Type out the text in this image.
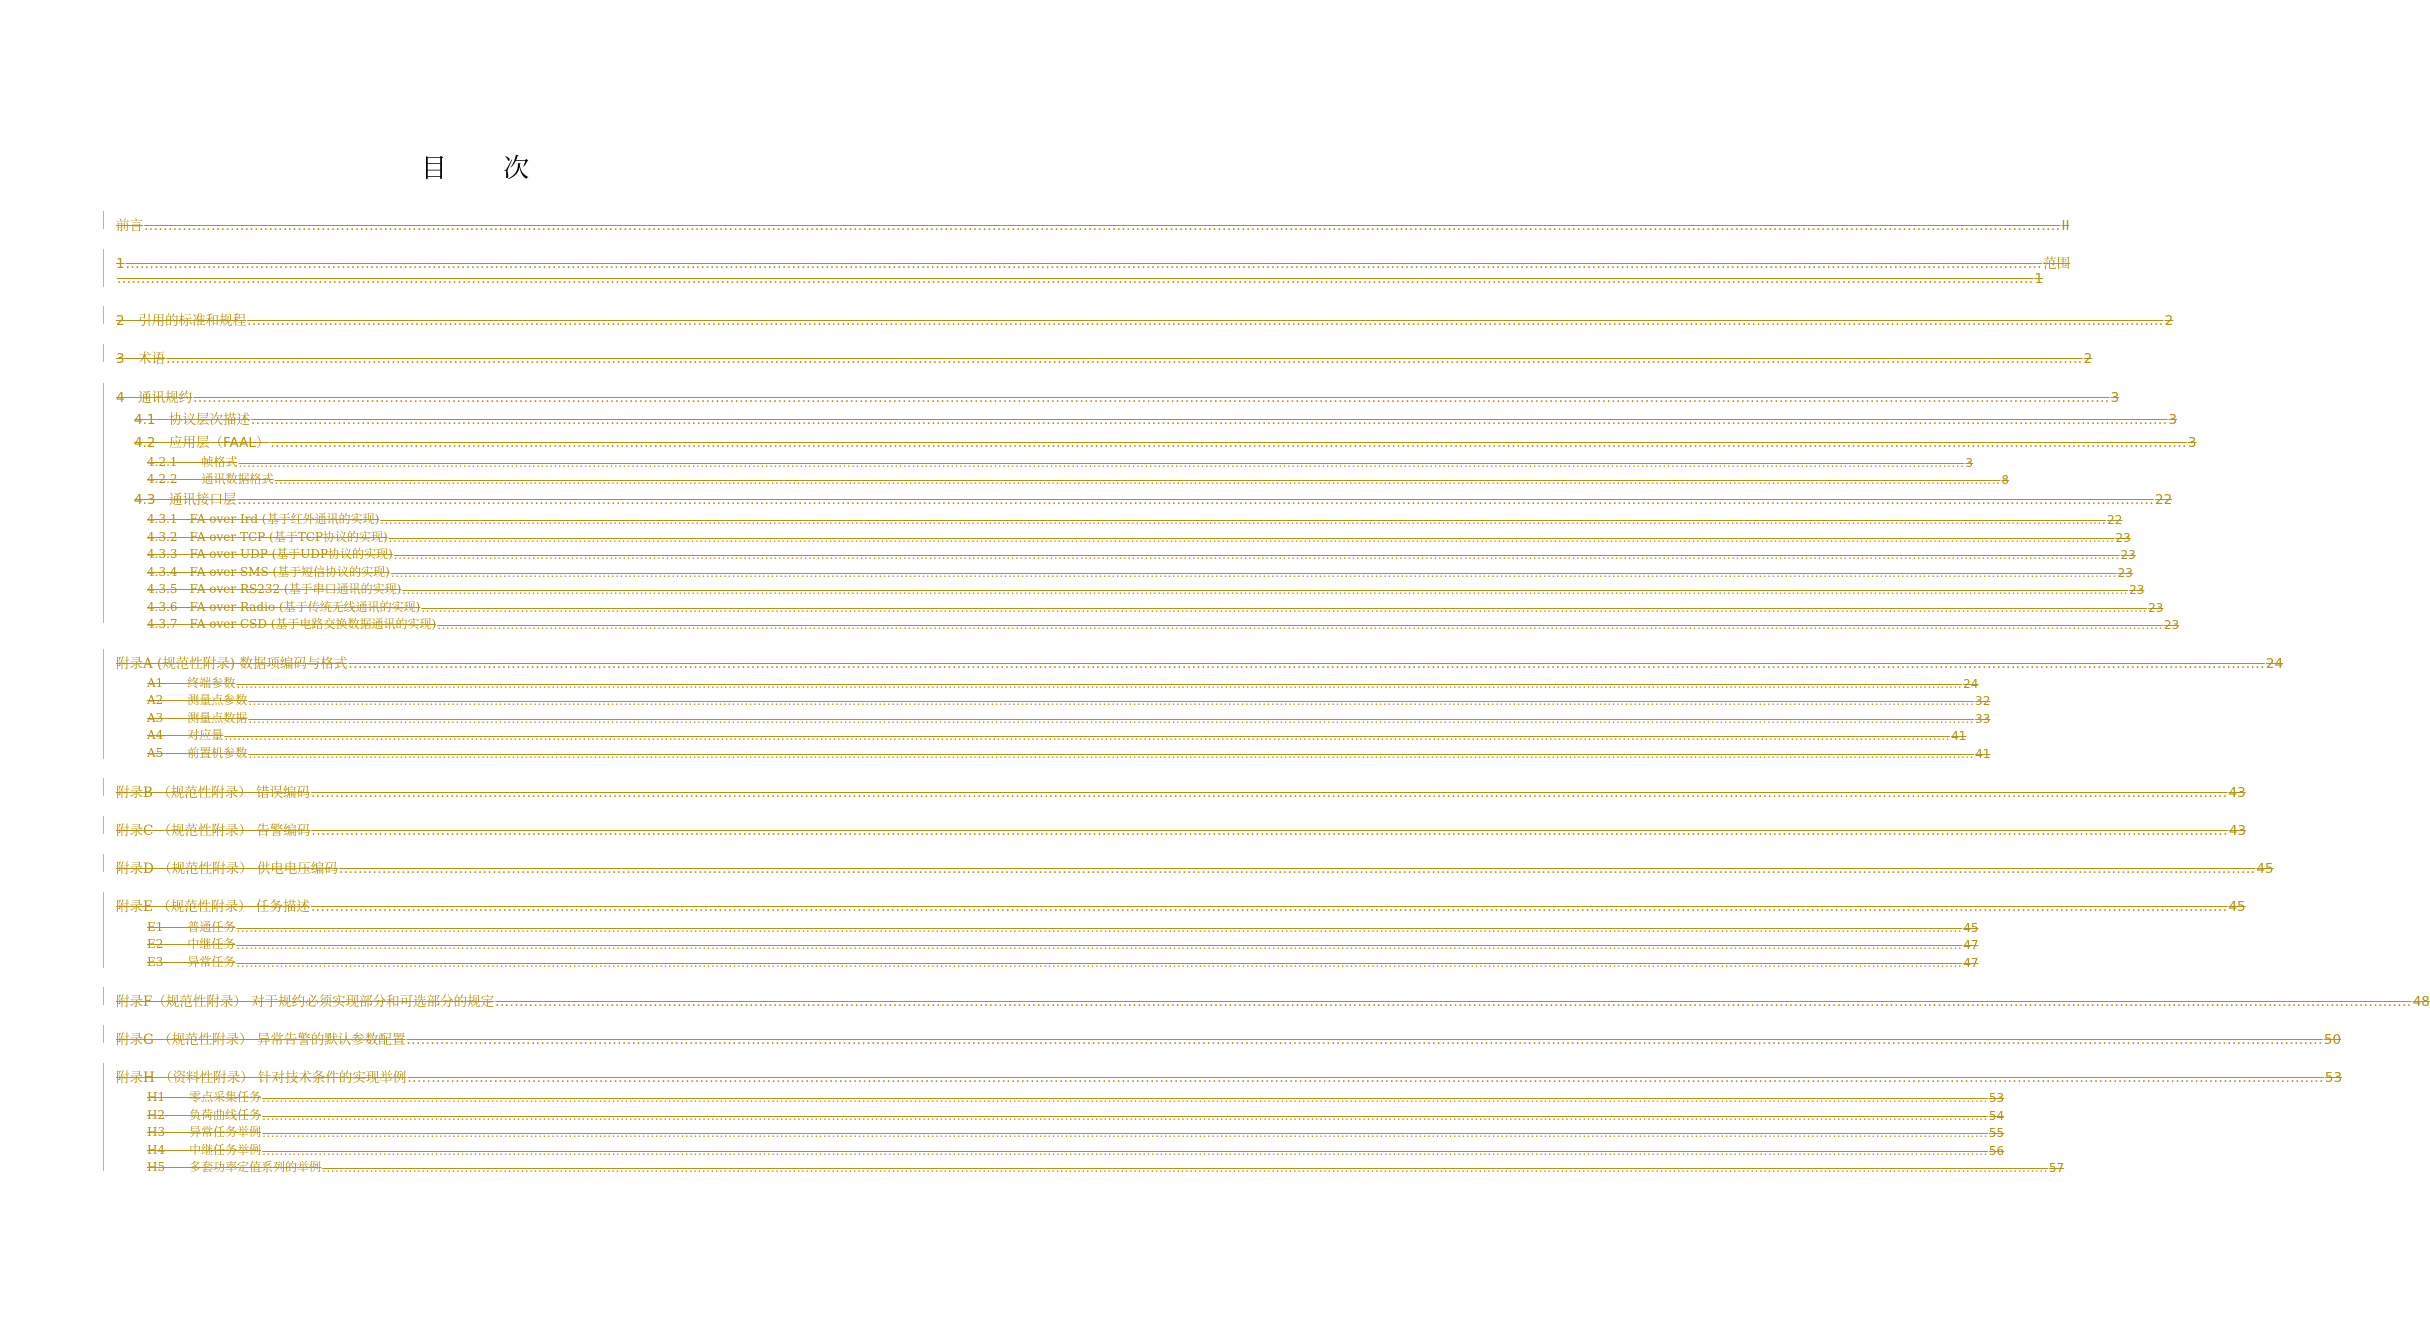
目 次
前言 ................................................................................................................................................................................................................................................................................................................................................................................................................ II
1 ................................................................................................................................................................................................................................................................................................................................................................................................................ 范围
................................................................................................................................................................................................................................................................................................................................................................................................................ 1
2 引用的标准和规程 ................................................................................................................................................................................................................................................................................................................................................................................................................ 2
3 术语 ................................................................................................................................................................................................................................................................................................................................................................................................................ 2
4 通讯规约 ................................................................................................................................................................................................................................................................................................................................................................................................................ 3
4.1 协议层次描述 ................................................................................................................................................................................................................................................................................................................................................................................................................ 3
4.2 应用层（FAAL） ................................................................................................................................................................................................................................................................................................................................................................................................................ 3
4.2.1  帧格式 ................................................................................................................................................................................................................................................................................................................................................................................................................ 3
4.2.2  通讯数据格式 ................................................................................................................................................................................................................................................................................................................................................................................................................ 8
4.3 通讯接口层 ................................................................................................................................................................................................................................................................................................................................................................................................................ 22
4.3.1 FA over Ird (基于红外通讯的实现) ................................................................................................................................................................................................................................................................................................................................................................................................................ 22
4.3.2 FA over TCP (基于TCP协议的实现) ................................................................................................................................................................................................................................................................................................................................................................................................................ 23
4.3.3 FA over UDP (基于UDP协议的实现) ................................................................................................................................................................................................................................................................................................................................................................................................................ 23
4.3.4 FA over SMS (基于短信协议的实现) ................................................................................................................................................................................................................................................................................................................................................................................................................ 23
4.3.5 FA over RS232 (基于串口通讯的实现) ................................................................................................................................................................................................................................................................................................................................................................................................................ 23
4.3.6 FA over Radio (基于传统无线通讯的实现) ................................................................................................................................................................................................................................................................................................................................................................................................................ 23
4.3.7 FA over CSD (基于电路交换数据通讯的实现) ................................................................................................................................................................................................................................................................................................................................................................................................................ 23
附录A (规范性附录) 数据项编码与格式 ................................................................................................................................................................................................................................................................................................................................................................................................................ 24
A1  终端参数 ................................................................................................................................................................................................................................................................................................................................................................................................................ 24
A2  测量点参数 ................................................................................................................................................................................................................................................................................................................................................................................................................ 32
A3  测量点数据 ................................................................................................................................................................................................................................................................................................................................................................................................................ 33
A4  对应量 ................................................................................................................................................................................................................................................................................................................................................................................................................ 41
A5  前置机参数 ................................................................................................................................................................................................................................................................................................................................................................................................................ 41
附录B （规范性附录） 错误编码 ................................................................................................................................................................................................................................................................................................................................................................................................................ 43
附录C （规范性附录） 告警编码 ................................................................................................................................................................................................................................................................................................................................................................................................................ 43
附录D （规范性附录） 供电电压编码 ................................................................................................................................................................................................................................................................................................................................................................................................................ 45
附录E （规范性附录） 任务描述 ................................................................................................................................................................................................................................................................................................................................................................................................................ 45
E1  普通任务 ................................................................................................................................................................................................................................................................................................................................................................................................................ 45
E2  中继任务 ................................................................................................................................................................................................................................................................................................................................................................................................................ 47
E3  异常任务 ................................................................................................................................................................................................................................................................................................................................................................................................................ 47
附录F（规范性附录） 对于规约必须实现部分和可选部分的规定 ................................................................................................................................................................................................................................................................................................................................................................................................................ 48
附录G （规范性附录） 异常告警的默认参数配置 ................................................................................................................................................................................................................................................................................................................................................................................................................ 50
附录H （资料性附录） 针对技术条件的实现举例 ................................................................................................................................................................................................................................................................................................................................................................................................................ 53
H1  零点采集任务 ................................................................................................................................................................................................................................................................................................................................................................................................................ 53
H2  负荷曲线任务 ................................................................................................................................................................................................................................................................................................................................................................................................................ 54
H3  异常任务举例 ................................................................................................................................................................................................................................................................................................................................................................................................................ 55
H4  中继任务举例 ................................................................................................................................................................................................................................................................................................................................................................................................................ 56
H5  多套功率定值系列的举例 ................................................................................................................................................................................................................................................................................................................................................................................................................ 57
